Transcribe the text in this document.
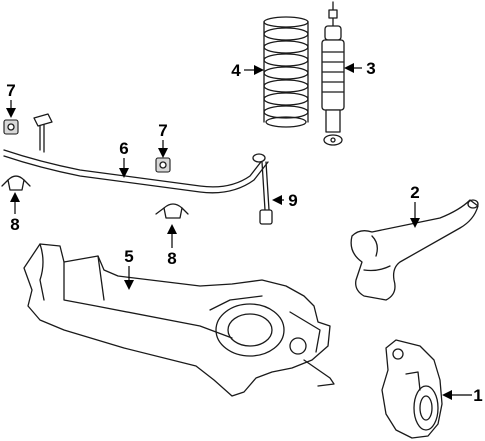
1
2
3
4
5
6
7
7
8
8
9
